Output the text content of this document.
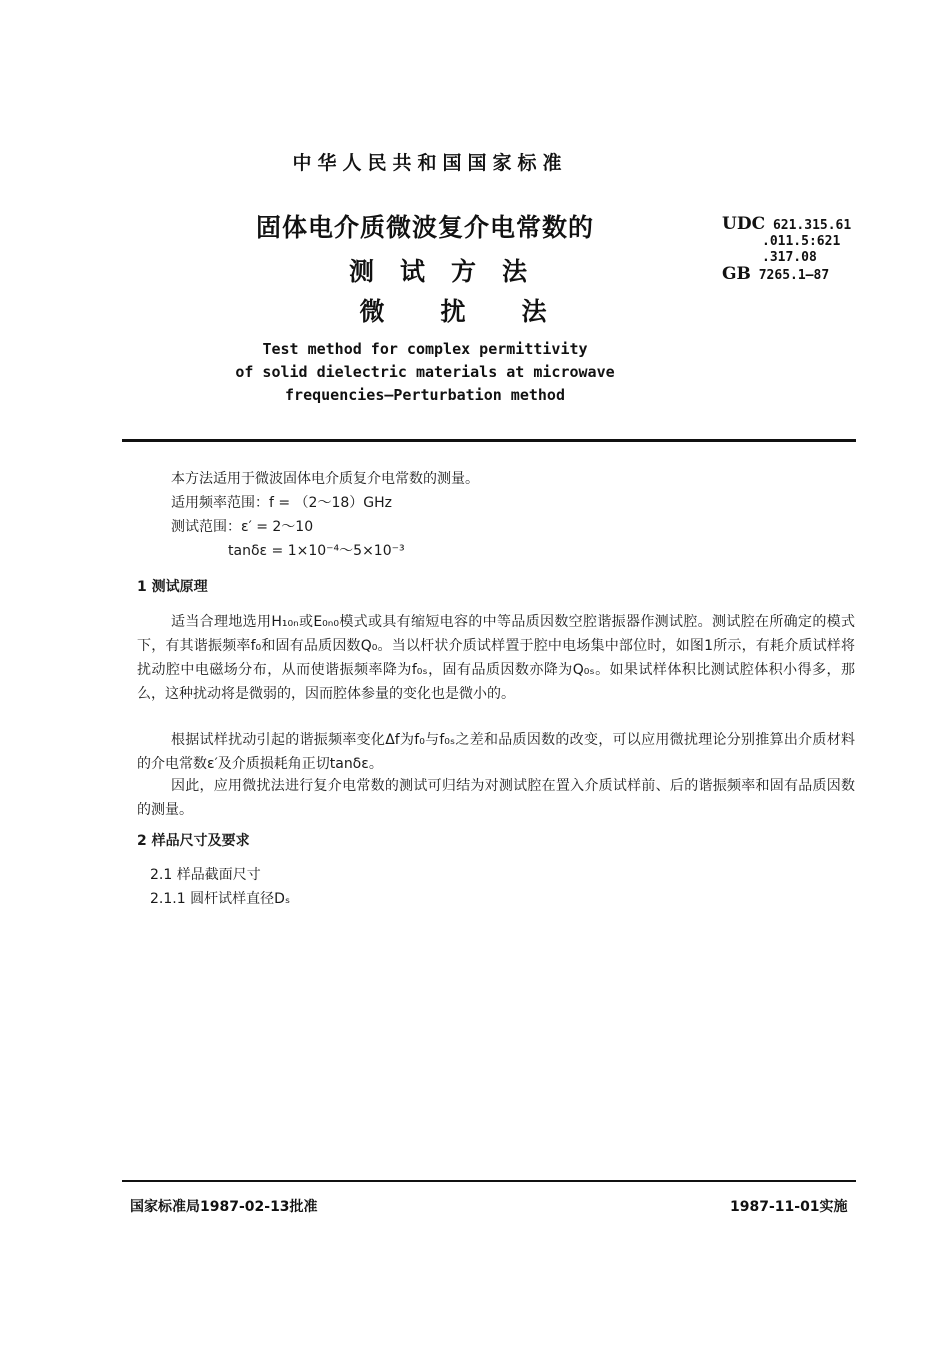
中华人民共和国国家标准
固体电介质微波复介电常数的
测试方法
微扰法
UDC 621.315.61
.011.5:621
.317.08
GB 7265.1—87
Test method for complex permittivity
of solid dielectric materials at microwave
frequencies—Perturbation method
本方法适用于微波固体电介质复介电常数的测量。
适用频率范围：f = （2～18）GHz
测试范围：ε′ = 2～10
tanδε = 1×10⁻⁴～5×10⁻³
1 测试原理
适当合理地选用H₁₀ₙ或E₀ₙ₀模式或具有缩短电容的中等品质因数空腔谐振器作测试腔。测试腔在所确定的模式下，有其谐振频率f₀和固有品质因数Q₀。当以杆状介质试样置于腔中电场集中部位时，如图1所示，有耗介质试样将扰动腔中电磁场分布，从而使谐振频率降为f₀ₛ，固有品质因数亦降为Q₀ₛ。如果试样体积比测试腔体积小得多，那么，这种扰动将是微弱的，因而腔体参量的变化也是微小的。
根据试样扰动引起的谐振频率变化Δf为f₀与f₀ₛ之差和品质因数的改变，可以应用微扰理论分别推算出介质材料的介电常数ε′及介质损耗角正切tanδε。
因此，应用微扰法进行复介电常数的测试可归结为对测试腔在置入介质试样前、后的谐振频率和固有品质因数的测量。
2 样品尺寸及要求
2.1 样品截面尺寸
2.1.1 圆杆试样直径Dₛ
国家标准局1987-02-13批准	1987-11-01实施
